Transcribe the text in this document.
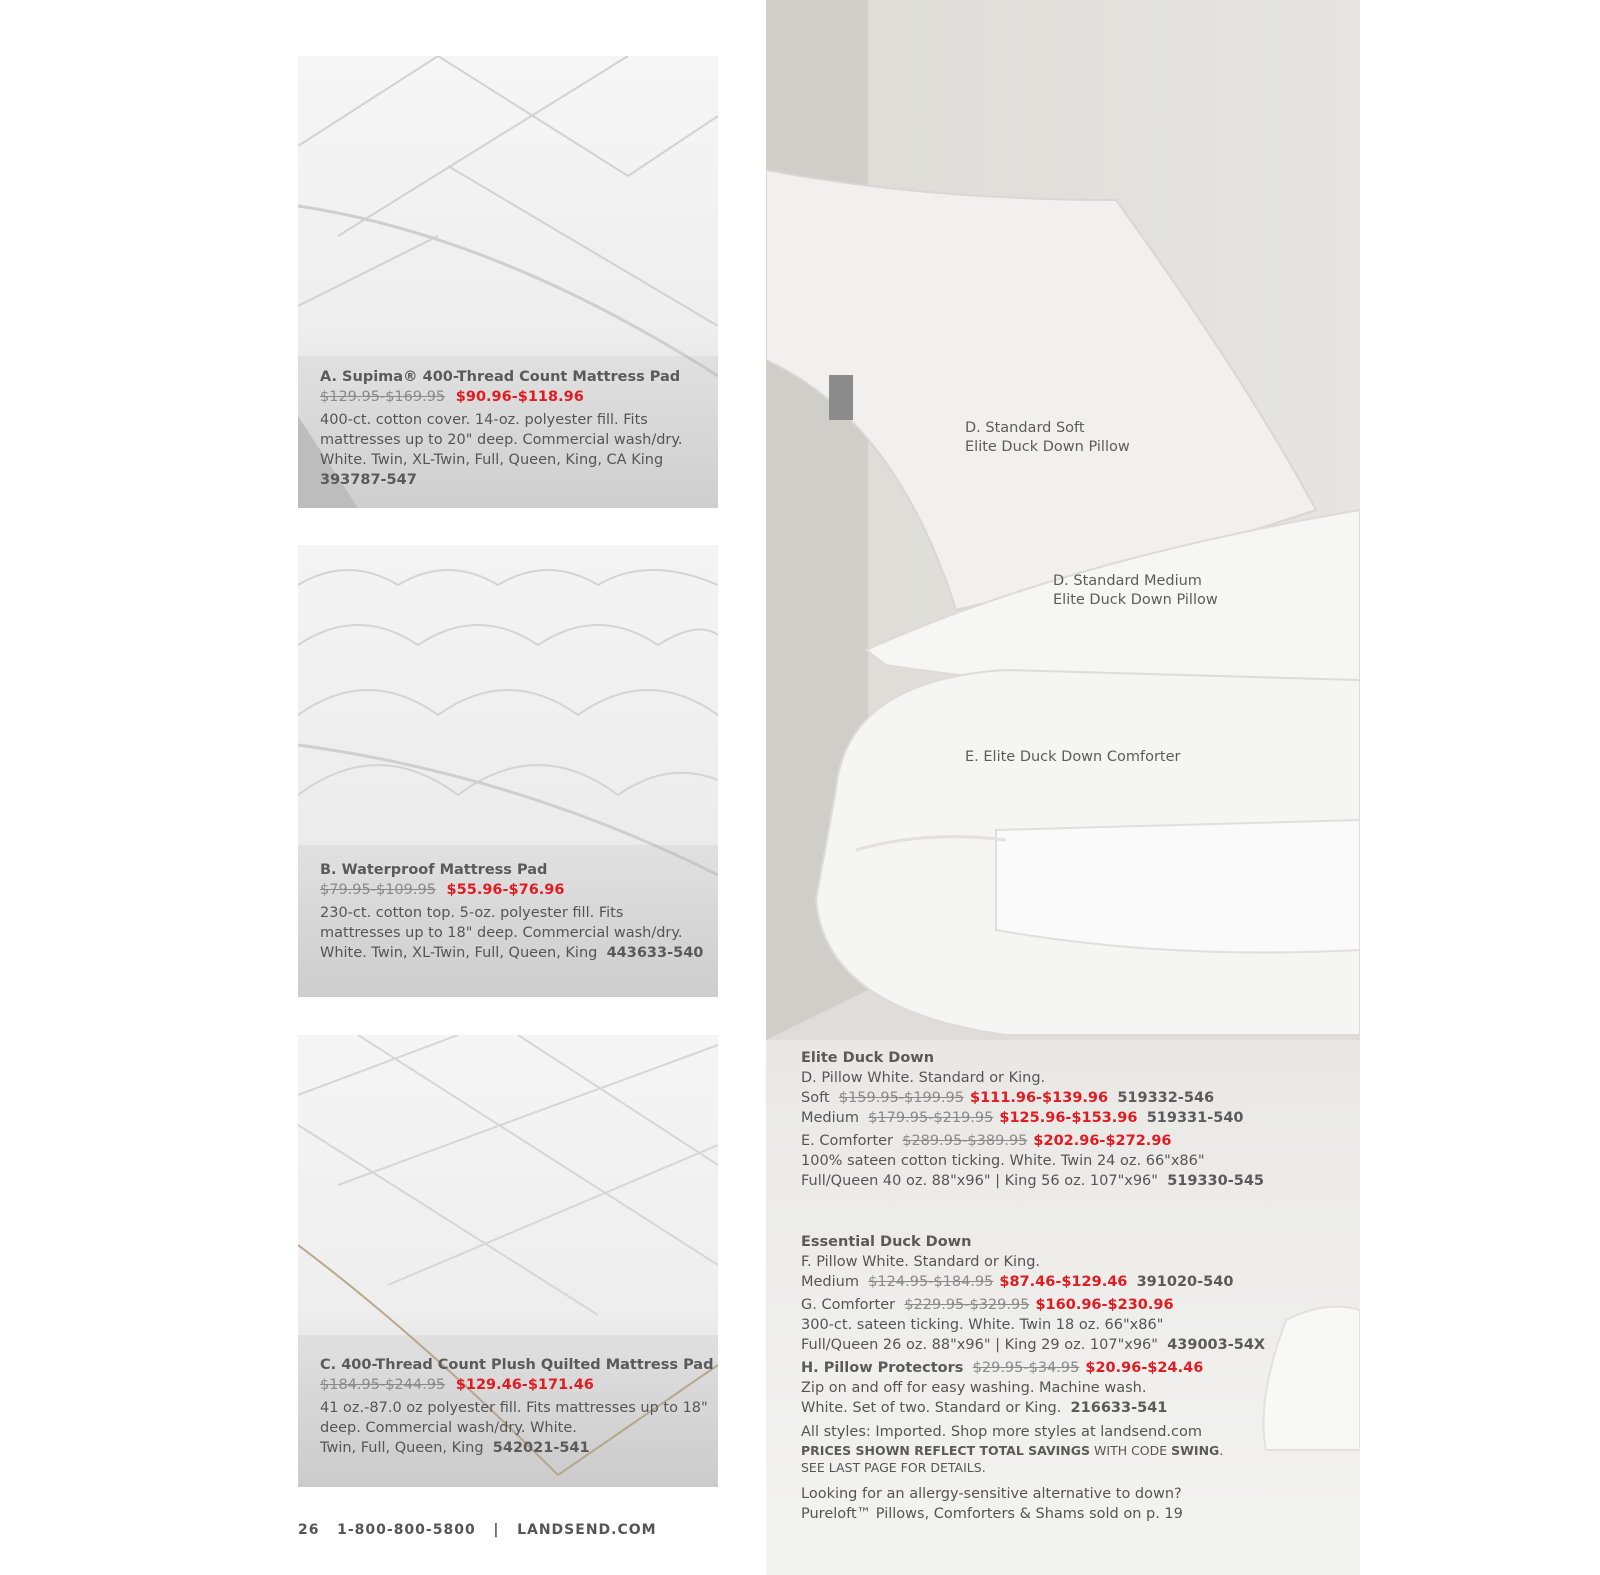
A. Supima® 400-Thread Count Mattress Pad
$129.95-$169.95 $90.96-$118.96
400-ct. cotton cover. 14-oz. polyester fill. Fits
mattresses up to 20" deep. Commercial wash/dry.
White. Twin, XL-Twin, Full, Queen, King, CA King
393787-547
B. Waterproof Mattress Pad
$79.95-$109.95 $55.96-$76.96
230-ct. cotton top. 5-oz. polyester fill. Fits
mattresses up to 18" deep. Commercial wash/dry.
White. Twin, XL-Twin, Full, Queen, King 443633-540
C. 400-Thread Count Plush Quilted Mattress Pad
$184.95-$244.95 $129.46-$171.46
41 oz.-87.0 oz polyester fill. Fits mattresses up to 18"
deep. Commercial wash/dry. White.
Twin, Full, Queen, King 542021-541
D. Standard Soft
Elite Duck Down Pillow
D. Standard Medium
Elite Duck Down Pillow
E. Elite Duck Down Comforter
Elite Duck Down
D. Pillow White. Standard or King.
Soft $159.95-$199.95 $111.96-$139.96 519332-546
Medium $179.95-$219.95 $125.96-$153.96 519331-540
E. Comforter $289.95-$389.95 $202.96-$272.96
100% sateen cotton ticking. White. Twin 24 oz. 66"x86"
Full/Queen 40 oz. 88"x96" | King 56 oz. 107"x96" 519330-545
Essential Duck Down
F. Pillow White. Standard or King.
Medium $124.95-$184.95 $87.46-$129.46 391020-540
G. Comforter $229.95-$329.95 $160.96-$230.96
300-ct. sateen ticking. White. Twin 18 oz. 66"x86"
Full/Queen 26 oz. 88"x96" | King 29 oz. 107"x96" 439003-54X
H. Pillow Protectors $29.95-$34.95 $20.96-$24.46
Zip on and off for easy washing. Machine wash.
White. Set of two. Standard or King. 216633-541
All styles: Imported. Shop more styles at landsend.com
PRICES SHOWN REFLECT TOTAL SAVINGS WITH CODE SWING.
SEE LAST PAGE FOR DETAILS.
Looking for an allergy-sensitive alternative to down?
Pureloft™ Pillows, Comforters & Shams sold on p. 19
26 1-800-800-5800 | LANDSEND.COM
